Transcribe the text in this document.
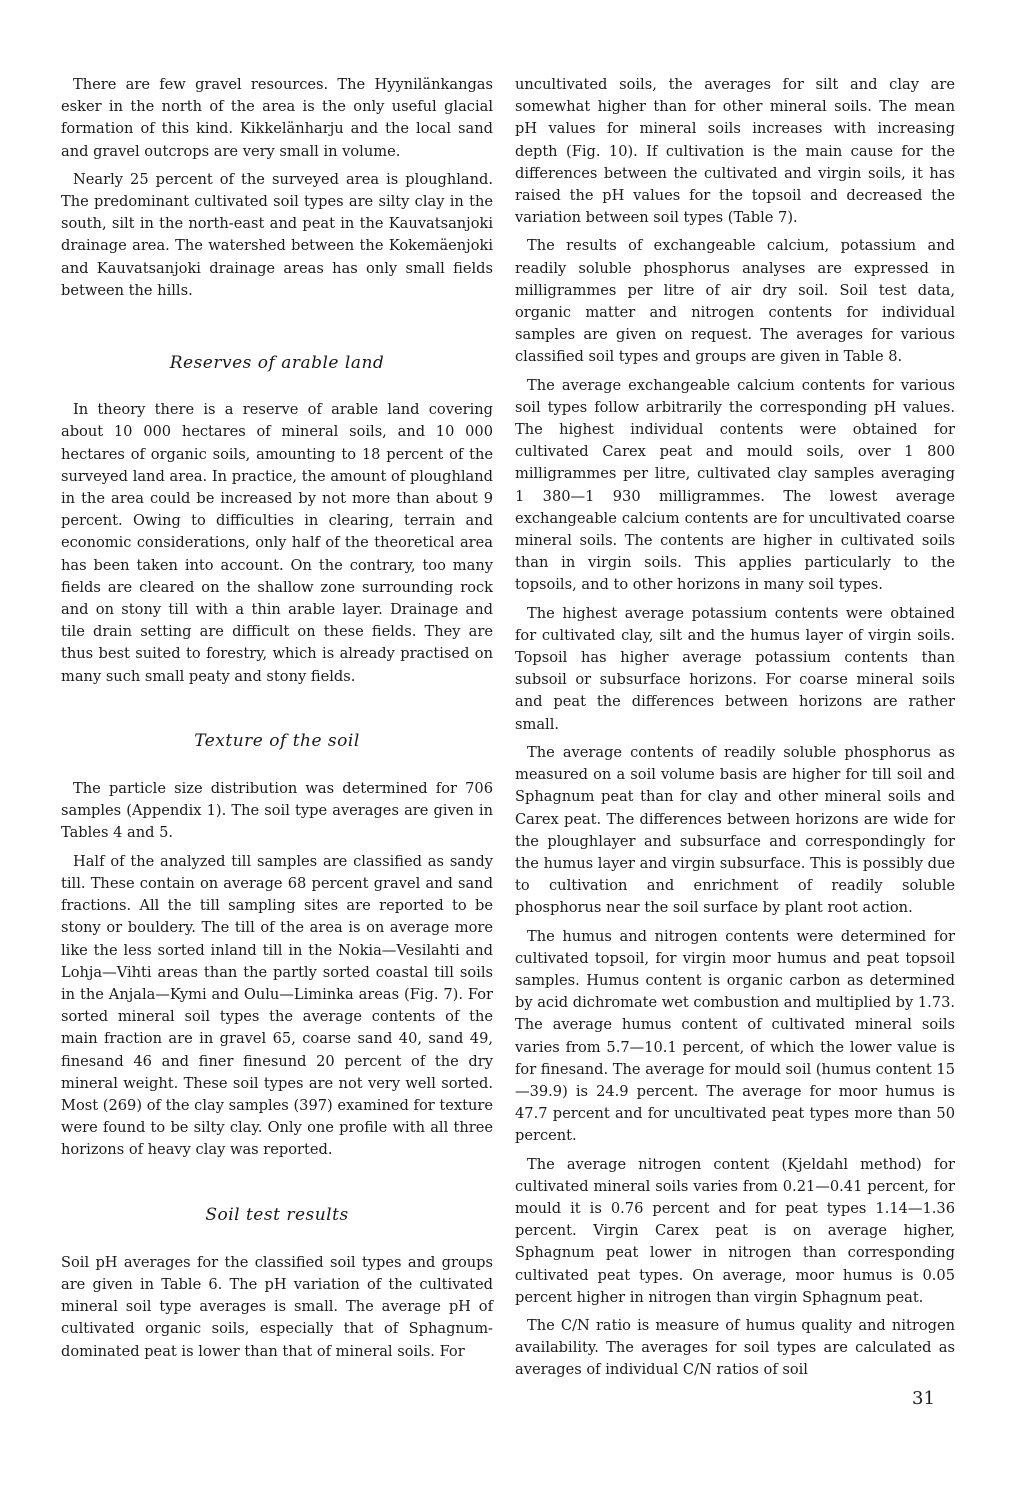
There are few gravel resources. The Hyynilänkangas esker in the north of the area is the only useful glacial formation of this kind. Kikkelänharju and the local sand and gravel outcrops are very small in volume.

Nearly 25 percent of the surveyed area is ploughland. The predominant cultivated soil types are silty clay in the south, silt in the north-east and peat in the Kauvatsanjoki drainage area. The watershed between the Kokemäenjoki and Kauvatsanjoki drainage areas has only small fields between the hills.

Reserves of arable land

In theory there is a reserve of arable land covering about 10 000 hectares of mineral soils, and 10 000 hectares of organic soils, amounting to 18 percent of the surveyed land area. In practice, the amount of ploughland in the area could be increased by not more than about 9 percent. Owing to difficulties in clearing, terrain and economic considerations, only half of the theoretical area has been taken into account. On the contrary, too many fields are cleared on the shallow zone surrounding rock and on stony till with a thin arable layer. Drainage and tile drain setting are difficult on these fields. They are thus best suited to forestry, which is already practised on many such small peaty and stony fields.

Texture of the soil

The particle size distribution was determined for 706 samples (Appendix 1). The soil type averages are given in Tables 4 and 5.

Half of the analyzed till samples are classified as sandy till. These contain on average 68 percent gravel and sand fractions. All the till sampling sites are reported to be stony or bouldery. The till of the area is on average more like the less sorted inland till in the Nokia—Vesilahti and Lohja—Vihti areas than the partly sorted coastal till soils in the Anjala—Kymi and Oulu—Liminka areas (Fig. 7). For sorted mineral soil types the average contents of the main fraction are in gravel 65, coarse sand 40, sand 49, finesand 46 and finer finesund 20 percent of the dry mineral weight. These soil types are not very well sorted. Most (269) of the clay samples (397) examined for texture were found to be silty clay. Only one profile with all three horizons of heavy clay was reported.

Soil test results

Soil pH averages for the classified soil types and groups are given in Table 6. The pH variation of the cultivated mineral soil type averages is small. The average pH of cultivated organic soils, especially that of Sphagnum-dominated peat is lower than that of mineral soils. For

uncultivated soils, the averages for silt and clay are somewhat higher than for other mineral soils. The mean pH values for mineral soils increases with increasing depth (Fig. 10). If cultivation is the main cause for the differences between the cultivated and virgin soils, it has raised the pH values for the topsoil and decreased the variation between soil types (Table 7).

The results of exchangeable calcium, potassium and readily soluble phosphorus analyses are expressed in milligrammes per litre of air dry soil. Soil test data, organic matter and nitrogen contents for individual samples are given on request. The averages for various classified soil types and groups are given in Table 8.

The average exchangeable calcium contents for various soil types follow arbitrarily the corresponding pH values. The highest individual contents were obtained for cultivated Carex peat and mould soils, over 1 800 milligrammes per litre, cultivated clay samples averaging 1 380—1 930 milligrammes. The lowest average exchangeable calcium contents are for uncultivated coarse mineral soils. The contents are higher in cultivated soils than in virgin soils. This applies particularly to the topsoils, and to other horizons in many soil types.

The highest average potassium contents were obtained for cultivated clay, silt and the humus layer of virgin soils. Topsoil has higher average potassium contents than subsoil or subsurface horizons. For coarse mineral soils and peat the differences between horizons are rather small.

The average contents of readily soluble phosphorus as measured on a soil volume basis are higher for till soil and Sphagnum peat than for clay and other mineral soils and Carex peat. The differences between horizons are wide for the ploughlayer and subsurface and correspondingly for the humus layer and virgin subsurface. This is possibly due to cultivation and enrichment of readily soluble phosphorus near the soil surface by plant root action.

The humus and nitrogen contents were determined for cultivated topsoil, for virgin moor humus and peat topsoil samples. Humus content is organic carbon as determined by acid dichromate wet combustion and multiplied by 1.73. The average humus content of cultivated mineral soils varies from 5.7—10.1 percent, of which the lower value is for finesand. The average for mould soil (humus content 15—39.9) is 24.9 percent. The average for moor humus is 47.7 percent and for uncultivated peat types more than 50 percent.

The average nitrogen content (Kjeldahl method) for cultivated mineral soils varies from 0.21—0.41 percent, for mould it is 0.76 percent and for peat types 1.14—1.36 percent. Virgin Carex peat is on average higher, Sphagnum peat lower in nitrogen than corresponding cultivated peat types. On average, moor humus is 0.05 percent higher in nitrogen than virgin Sphagnum peat.

The C/N ratio is measure of humus quality and nitrogen availability. The averages for soil types are calculated as averages of individual C/N ratios of soil

31
